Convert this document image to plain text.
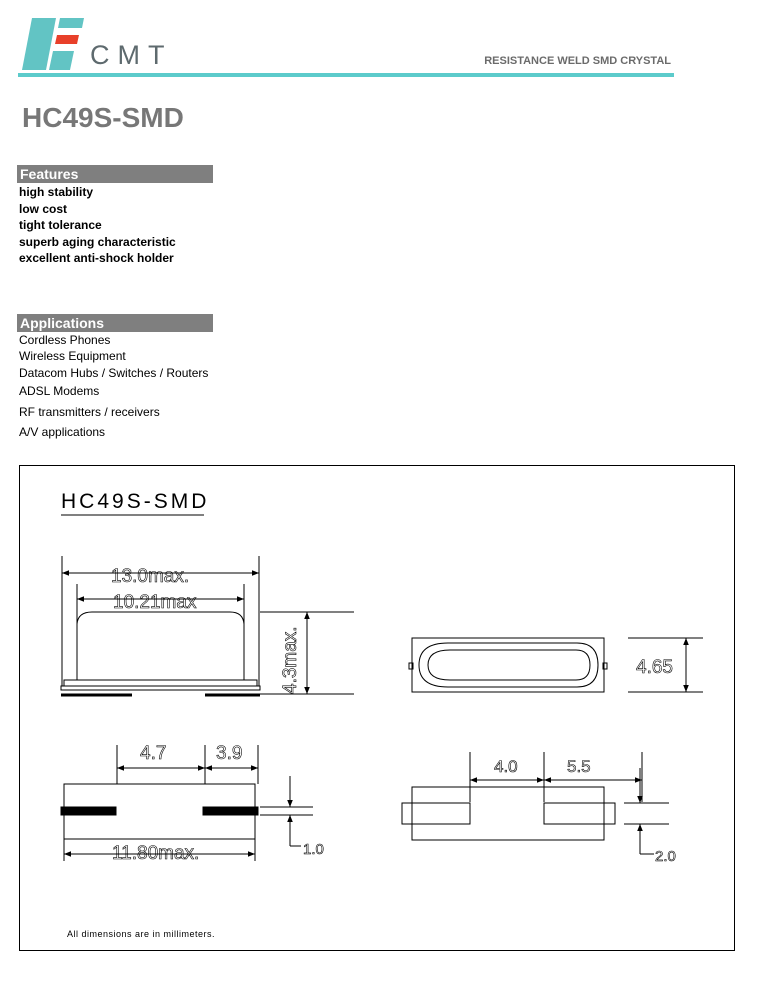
CMT	RESISTANCE WELD SMD CRYSTAL
HC49S-SMD
Features
high stability
low cost
tight tolerance
superb aging characteristic
excellent anti-shock holder
Applications
Cordless Phones
Wireless Equipment
Datacom Hubs / Switches / Routers
ADSL Modems
RF transmitters / receivers
A/V applications
HC49S-SMD
13.0max.
10.21max
4.3max.	4.65
4.7	3.9
11.80max.	1.0
4.0	5.5
2.0
All dimensions are in millimeters.
